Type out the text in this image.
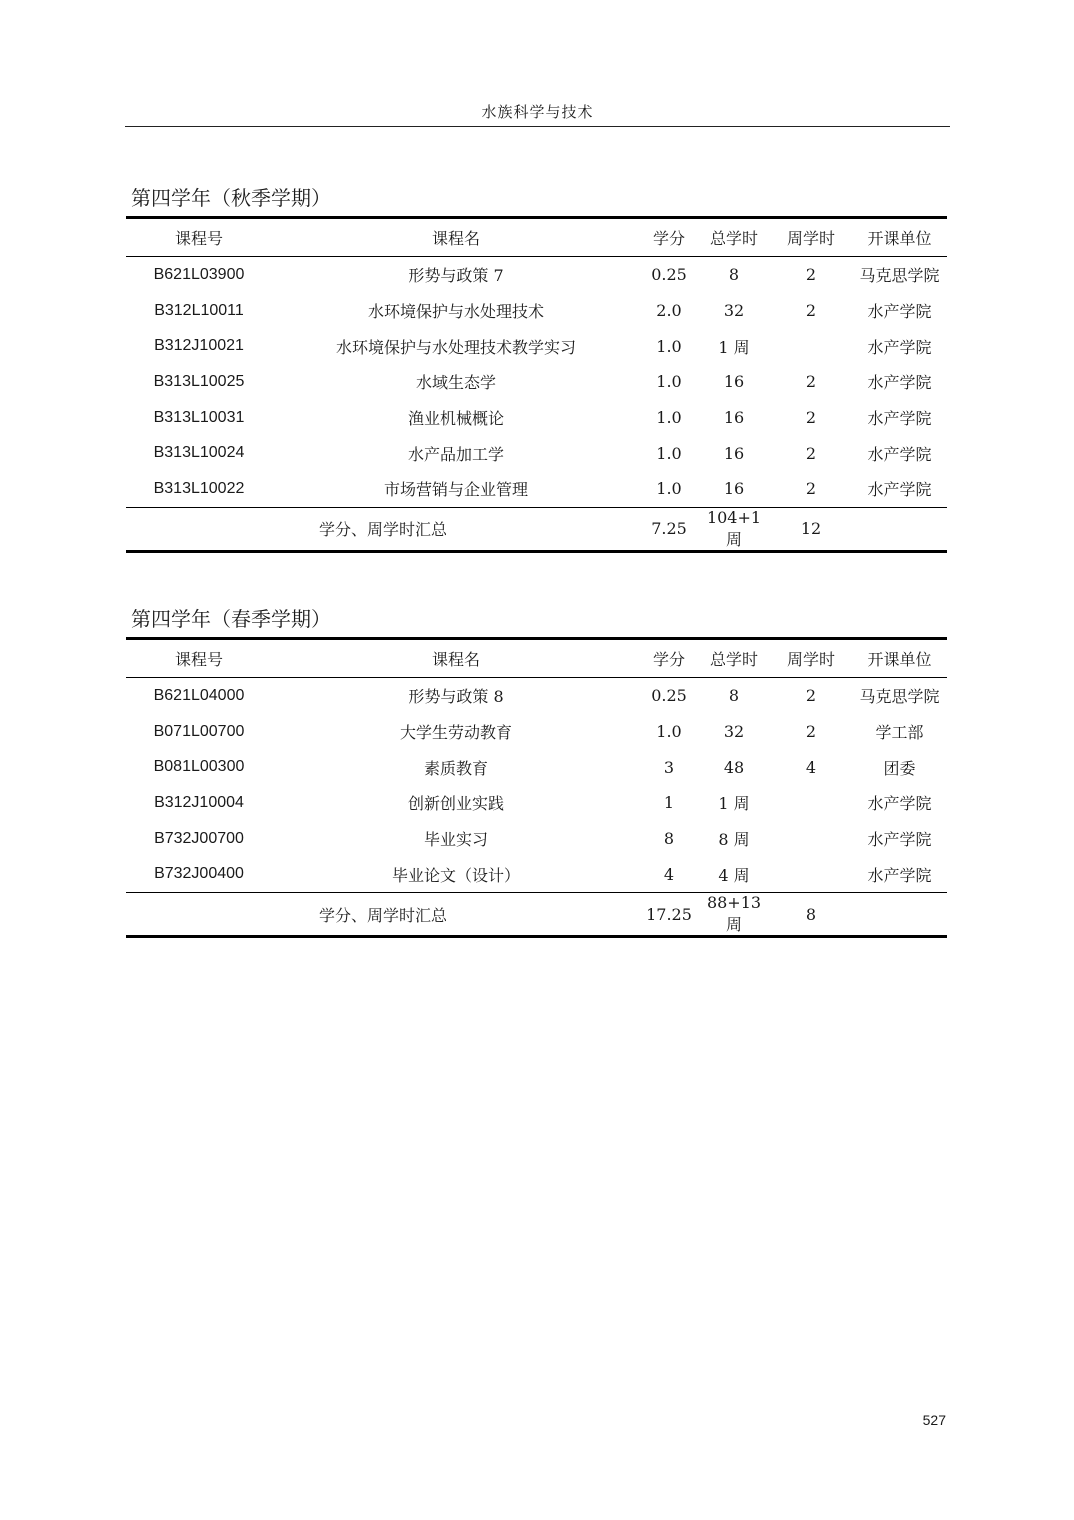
水族科学与技术
第四学年（秋季学期）
课程号	课程名	学分	总学时	周学时	开课单位
B621L03900	形势与政策 7	0.25	8	2	马克思学院
B312L10011	水环境保护与水处理技术	2.0	32	2	水产学院
B312J10021	水环境保护与水处理技术教学实习	1.0	1 周		水产学院
B313L10025	水域生态学	1.0	16	2	水产学院
B313L10031	渔业机械概论	1.0	16	2	水产学院
B313L10024	水产品加工学	1.0	16	2	水产学院
B313L10022	市场营销与企业管理	1.0	16	2	水产学院
学分、周学时汇总		7.25	104+1 周	12	
第四学年（春季学期）
课程号	课程名	学分	总学时	周学时	开课单位
B621L04000	形势与政策 8	0.25	8	2	马克思学院
B071L00700	大学生劳动教育	1.0	32	2	学工部
B081L00300	素质教育	3	48	4	团委
B312J10004	创新创业实践	1	1 周		水产学院
B732J00700	毕业实习	8	8 周		水产学院
B732J00400	毕业论文（设计）	4	4 周		水产学院
学分、周学时汇总		17.25	88+13 周	8	
527
